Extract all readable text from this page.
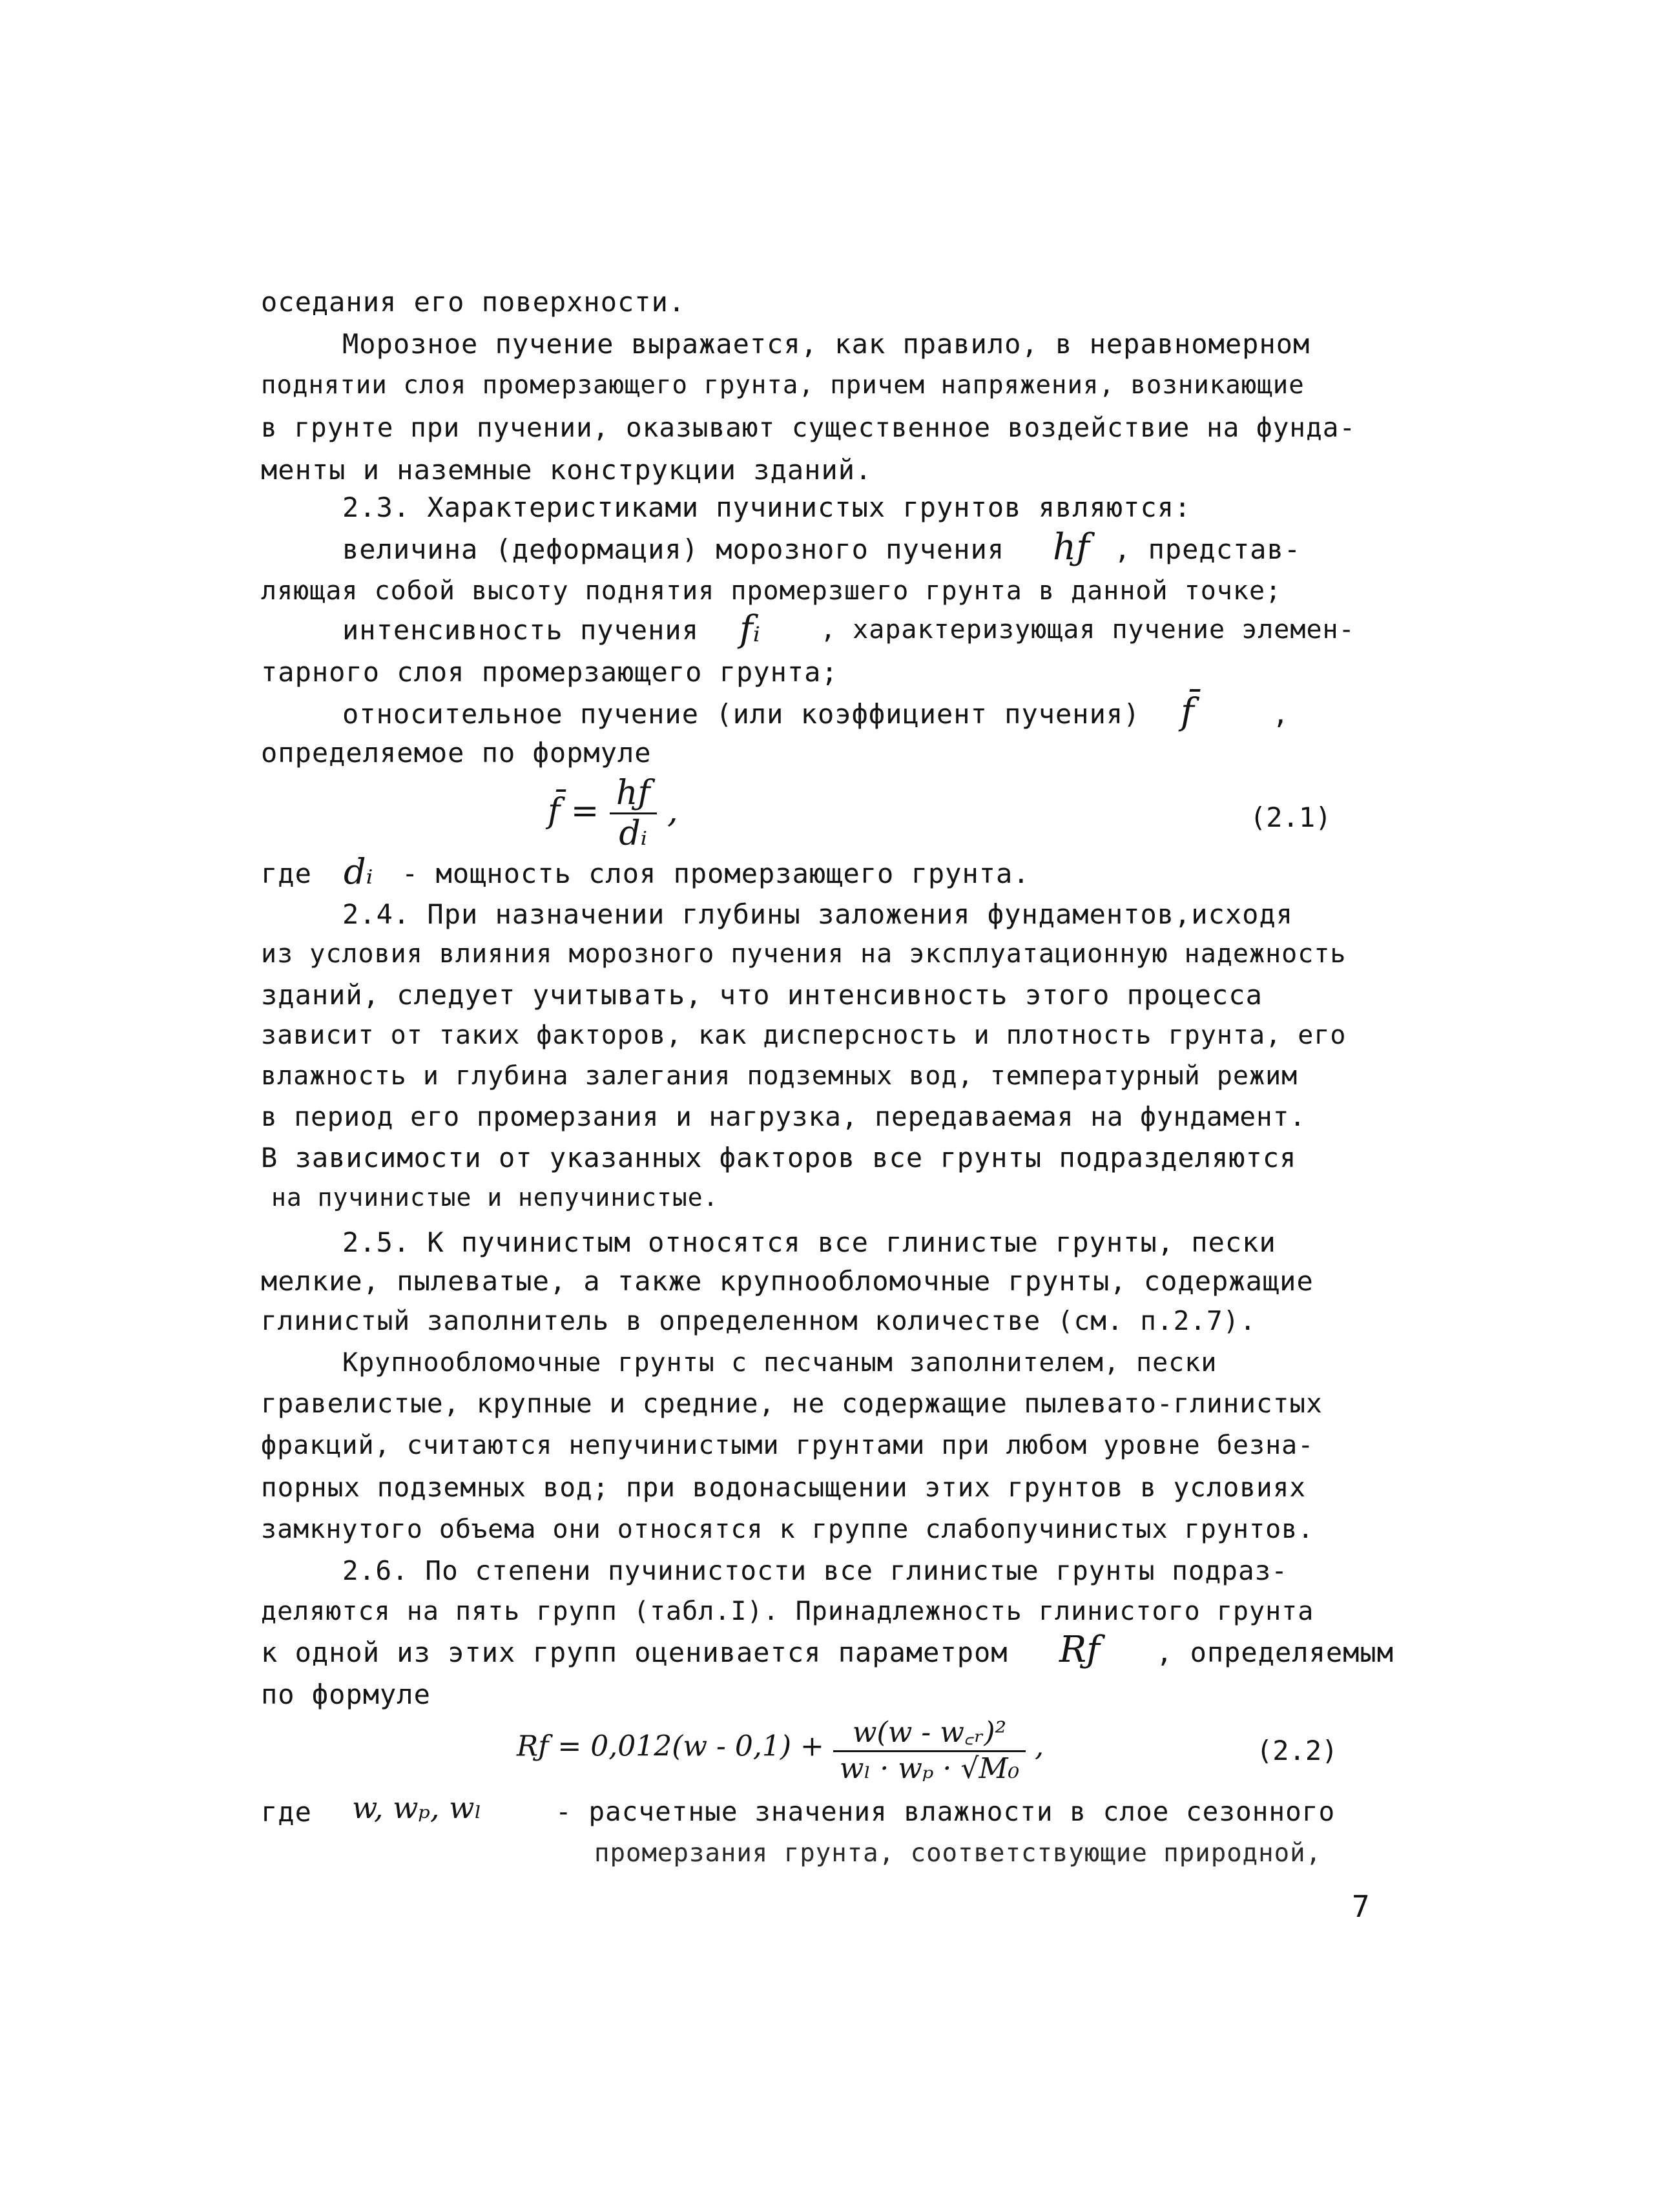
оседания его поверхности.
Морозное пучение выражается, как правило, в неравномерном
поднятии слоя промерзающего грунта, причем напряжения, возникающие
в грунте при пучении, оказывают существенное воздействие на фунда-
менты и наземные конструкции зданий.
2.3. Характеристиками пучинистых грунтов являются:
величина (деформация) морозного пучения hƒ , представ-
ляющая собой высоту поднятия промерзшего грунта в данной точке;
интенсивность пучения fᵢ , характеризующая пучение элемен-
тарного слоя промерзающего грунта;
относительное пучение (или коэффициент пучения) f̄	,
определяемое по формуле
f̄ = $\frac{hƒ}{\text{dᵢ}}$ ,	(2.1)
где dᵢ - мощность слоя промерзающего грунта.
2.4. При назначении глубины заложения фундаментов,исходя
из условия влияния морозного пучения на эксплуатационную надежность
зданий, следует учитывать, что интенсивность этого процесса
зависит от таких факторов, как дисперсность и плотность грунта, его
влажность и глубина залегания подземных вод, температурный режим
в период его промерзания и нагрузка, передаваемая на фундамент.
В зависимости от указанных факторов все грунты подразделяются
на пучинистые и непучинистые.
2.5. К пучинистым относятся все глинистые грунты, пески
мелкие, пылеватые, а также крупнообломочные грунты, содержащие
глинистый заполнитель в определенном количестве (см. п.2.7).
Крупнообломочные грунты с песчаным заполнителем, пески
гравелистые, крупные и средние, не содержащие пылевато-глинистых
фракций, считаются непучинистыми грунтами при любом уровне безна-
порных подземных вод; при водонасыщении этих грунтов в условиях
замкнутого объема они относятся к группе слабопучинистых грунтов.
2.6. По степени пучинистости все глинистые грунты подраз-
деляются на пять групп (табл.I). Принадлежность глинистого грунта
к одной из этих групп оценивается параметром Rƒ , определяемым
по формуле
Rƒ = $0,012(w - 0,1) + \frac{\text{w(w - w꜀ᵣ)²}}{\text{wₗ · wₚ · √M₀}}$ ,	(2.2)
где w, wₚ, wₗ	- расчетные значения влажности в слое сезонного
промерзания грунта, соответствующие природной,
7
